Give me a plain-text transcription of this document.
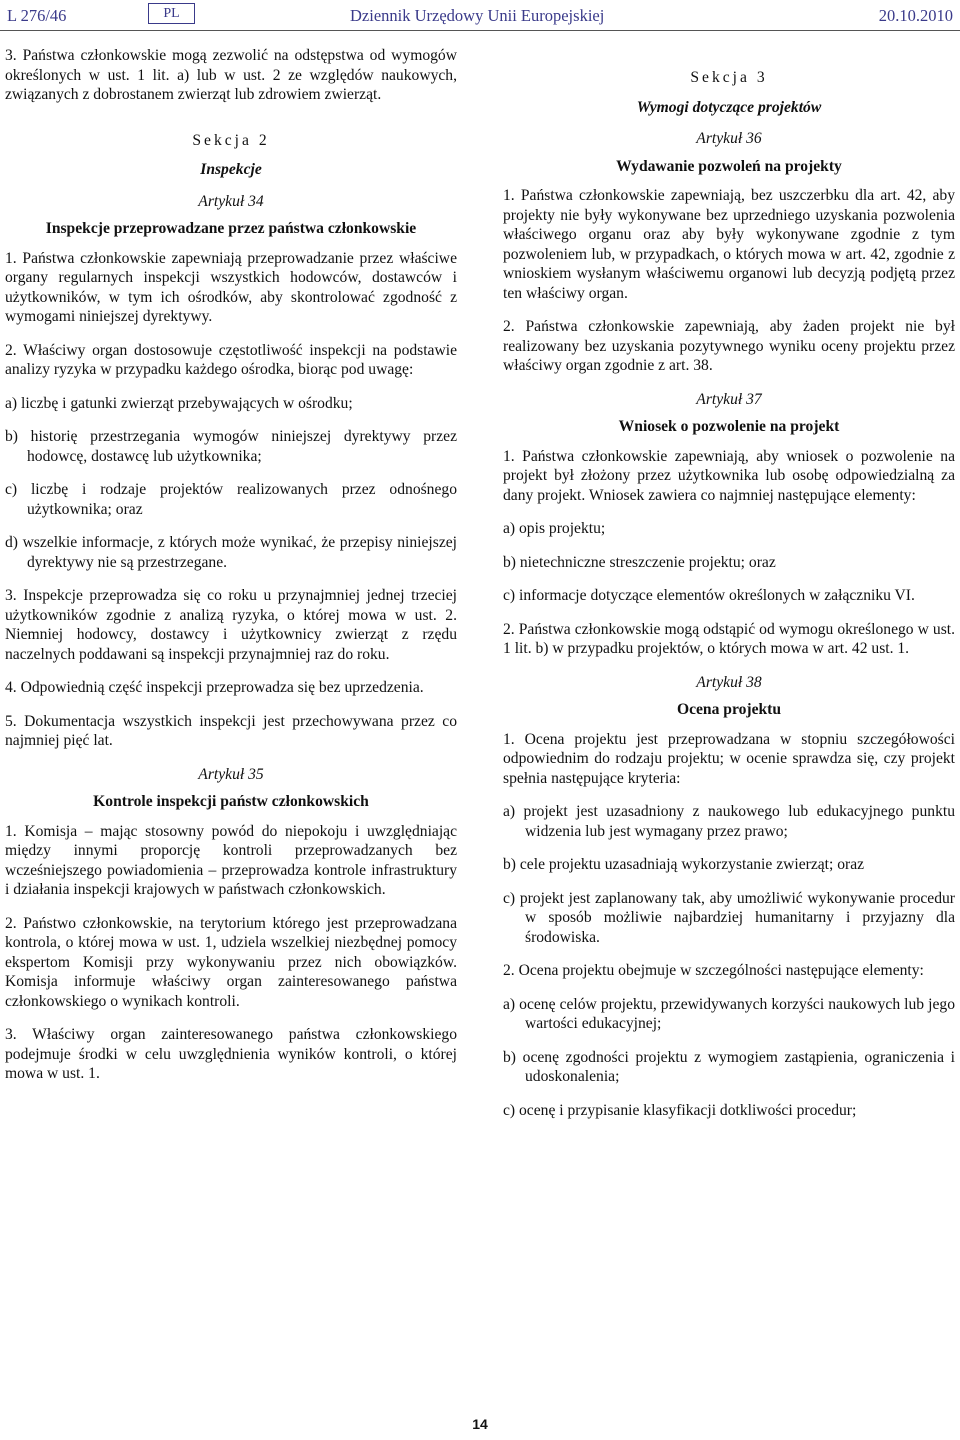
L 276/46	PL	Dziennik Urzędowy Unii Europejskiej	20.10.2010

3. Państwa członkowskie mogą zezwolić na odstępstwa od wymogów określonych w ust. 1 lit. a) lub w ust. 2 ze względów naukowych, związanych z dobrostanem zwierząt lub zdrowiem zwierząt.

Sekcja 2
Inspekcje
Artykuł 34
Inspekcje przeprowadzane przez państwa członkowskie

1. Państwa członkowskie zapewniają przeprowadzanie przez właściwe organy regularnych inspekcji wszystkich hodowców, dostawców i użytkowników, w tym ich ośrodków, aby skontrolować zgodność z wymogami niniejszej dyrektywy.

2. Właściwy organ dostosowuje częstotliwość inspekcji na podstawie analizy ryzyka w przypadku każdego ośrodka, biorąc pod uwagę:

a) liczbę i gatunki zwierząt przebywających w ośrodku;
b) historię przestrzegania wymogów niniejszej dyrektywy przez hodowcę, dostawcę lub użytkownika;
c) liczbę i rodzaje projektów realizowanych przez odnośnego użytkownika; oraz
d) wszelkie informacje, z których może wynikać, że przepisy niniejszej dyrektywy nie są przestrzegane.

3. Inspekcje przeprowadza się co roku u przynajmniej jednej trzeciej użytkowników zgodnie z analizą ryzyka, o której mowa w ust. 2. Niemniej hodowcy, dostawcy i użytkownicy zwierząt z rzędu naczelnych poddawani są inspekcji przynajmniej raz do roku.

4. Odpowiednią część inspekcji przeprowadza się bez uprzedzenia.

5. Dokumentacja wszystkich inspekcji jest przechowywana przez co najmniej pięć lat.

Artykuł 35
Kontrole inspekcji państw członkowskich

1. Komisja – mając stosowny powód do niepokoju i uwzględniając między innymi proporcję kontroli przeprowadzanych bez wcześniejszego powiadomienia – przeprowadza kontrole infrastruktury i działania inspekcji krajowych w państwach członkowskich.

2. Państwo członkowskie, na terytorium którego jest przeprowadzana kontrola, o której mowa w ust. 1, udziela wszelkiej niezbędnej pomocy ekspertom Komisji przy wykonywaniu przez nich obowiązków. Komisja informuje właściwy organ zainteresowanego państwa członkowskiego o wynikach kontroli.

3. Właściwy organ zainteresowanego państwa członkowskiego podejmuje środki w celu uwzględnienia wyników kontroli, o której mowa w ust. 1.

Sekcja 3
Wymogi dotyczące projektów
Artykuł 36
Wydawanie pozwoleń na projekty

1. Państwa członkowskie zapewniają, bez uszczerbku dla art. 42, aby projekty nie były wykonywane bez uprzedniego uzyskania pozwolenia właściwego organu oraz aby były wykonywane zgodnie z tym pozwoleniem lub, w przypadkach, o których mowa w art. 42, zgodnie z wnioskiem wysłanym właściwemu organowi lub decyzją podjętą przez ten właściwy organ.

2. Państwa członkowskie zapewniają, aby żaden projekt nie był realizowany bez uzyskania pozytywnego wyniku oceny projektu przez właściwy organ zgodnie z art. 38.

Artykuł 37
Wniosek o pozwolenie na projekt

1. Państwa członkowskie zapewniają, aby wniosek o pozwolenie na projekt był złożony przez użytkownika lub osobę odpowiedzialną za dany projekt. Wniosek zawiera co najmniej następujące elementy:

a) opis projektu;
b) nietechniczne streszczenie projektu; oraz
c) informacje dotyczące elementów określonych w załączniku VI.

2. Państwa członkowskie mogą odstąpić od wymogu określonego w ust. 1 lit. b) w przypadku projektów, o których mowa w art. 42 ust. 1.

Artykuł 38
Ocena projektu

1. Ocena projektu jest przeprowadzana w stopniu szczegółowości odpowiednim do rodzaju projektu; w ocenie sprawdza się, czy projekt spełnia następujące kryteria:

a) projekt jest uzasadniony z naukowego lub edukacyjnego punktu widzenia lub jest wymagany przez prawo;
b) cele projektu uzasadniają wykorzystanie zwierząt; oraz
c) projekt jest zaplanowany tak, aby umożliwić wykonywanie procedur w sposób możliwie najbardziej humanitarny i przyjazny dla środowiska.

2. Ocena projektu obejmuje w szczególności następujące elementy:

a) ocenę celów projektu, przewidywanych korzyści naukowych lub jego wartości edukacyjnej;
b) ocenę zgodności projektu z wymogiem zastąpienia, ograniczenia i udoskonalenia;
c) ocenę i przypisanie klasyfikacji dotkliwości procedur;
14
